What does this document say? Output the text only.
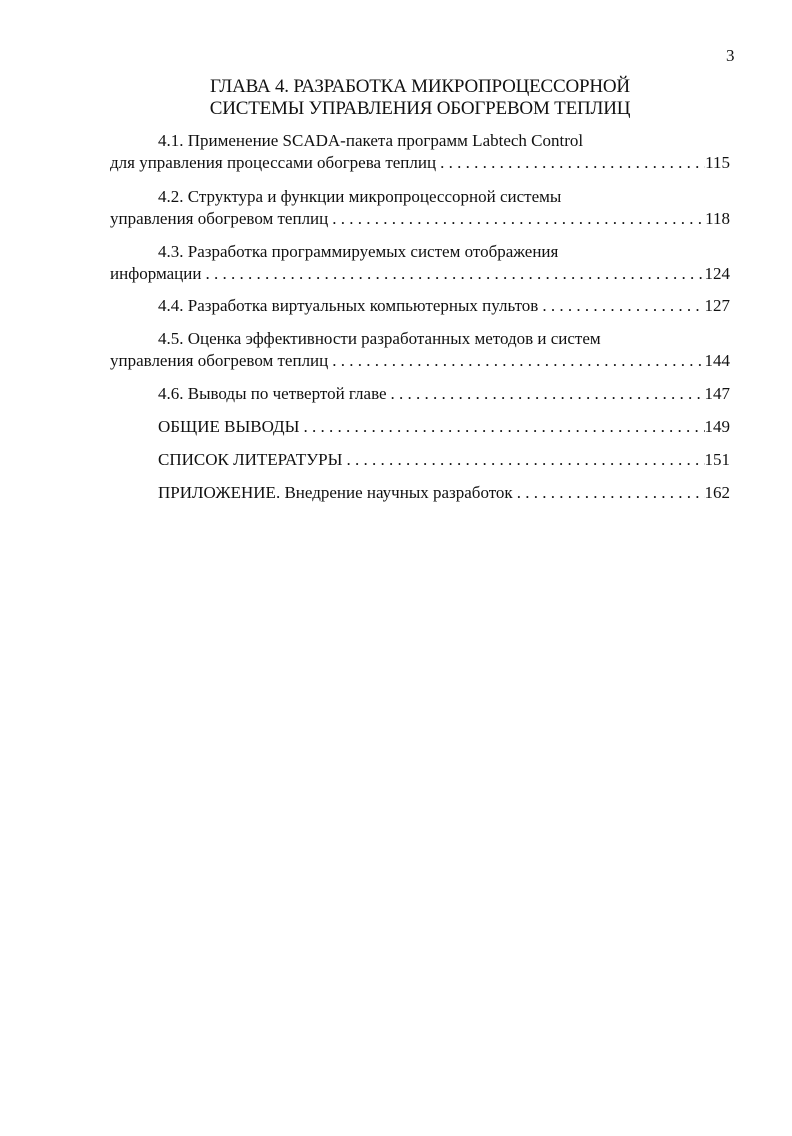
3
ГЛАВА 4. РАЗРАБОТКА МИКРОПРОЦЕССОРНОЙ
СИСТЕМЫ УПРАВЛЕНИЯ ОБОГРЕВОМ ТЕПЛИЦ
4.1. Применение SCADA-пакета программ Labtech Control
для управления процессами обогрева теплиц . . .	115
4.2. Структура и функции микропроцессорной системы
управления обогревом теплиц . . .	118
4.3. Разработка программируемых систем отображения
информации . . .	124
4.4. Разработка виртуальных компьютерных пультов . . .	127
4.5. Оценка эффективности разработанных методов и систем
управления обогревом теплиц . . .	144
4.6. Выводы по четвертой главе . . .	147
ОБЩИЕ ВЫВОДЫ . . .	149
СПИСОК ЛИТЕРАТУРЫ . . .	151
ПРИЛОЖЕНИЕ. Внедрение научных разработок . . .	162
